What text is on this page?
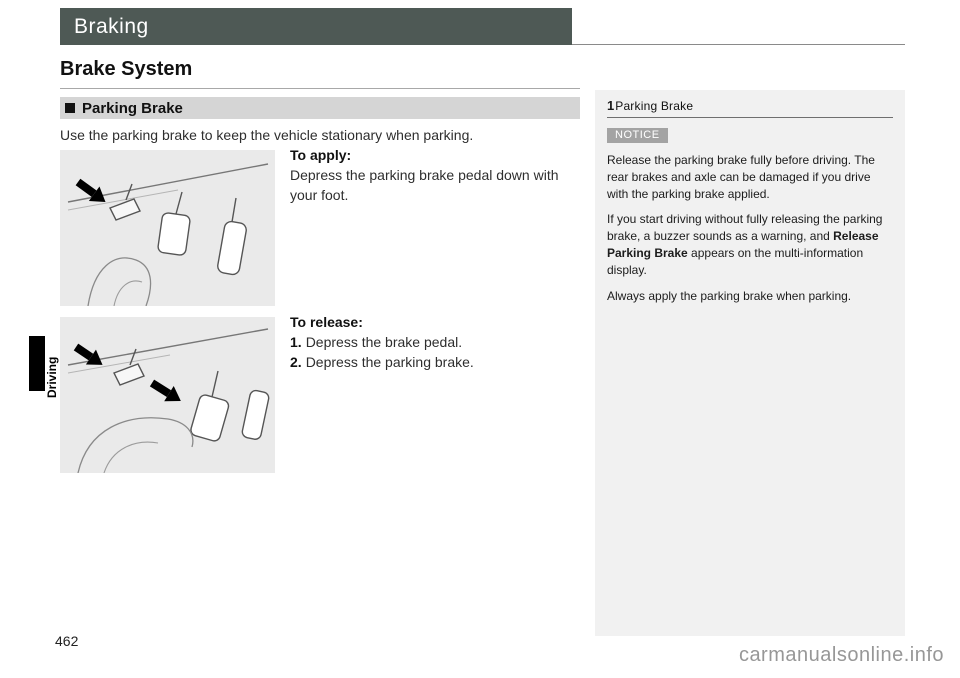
Braking
Brake System
Parking Brake
Use the parking brake to keep the vehicle stationary when parking.
To apply:
Depress the parking brake pedal down with your foot.
To release:
1. Depress the brake pedal.
2. Depress the parking brake.
1 Parking Brake
NOTICE
Release the parking brake fully before driving. The rear brakes and axle can be damaged if you drive with the parking brake applied.
If you start driving without fully releasing the parking brake, a buzzer sounds as a warning, and Release Parking Brake appears on the multi-information display.
Always apply the parking brake when parking.
Driving
462
carmanualsonline.info
